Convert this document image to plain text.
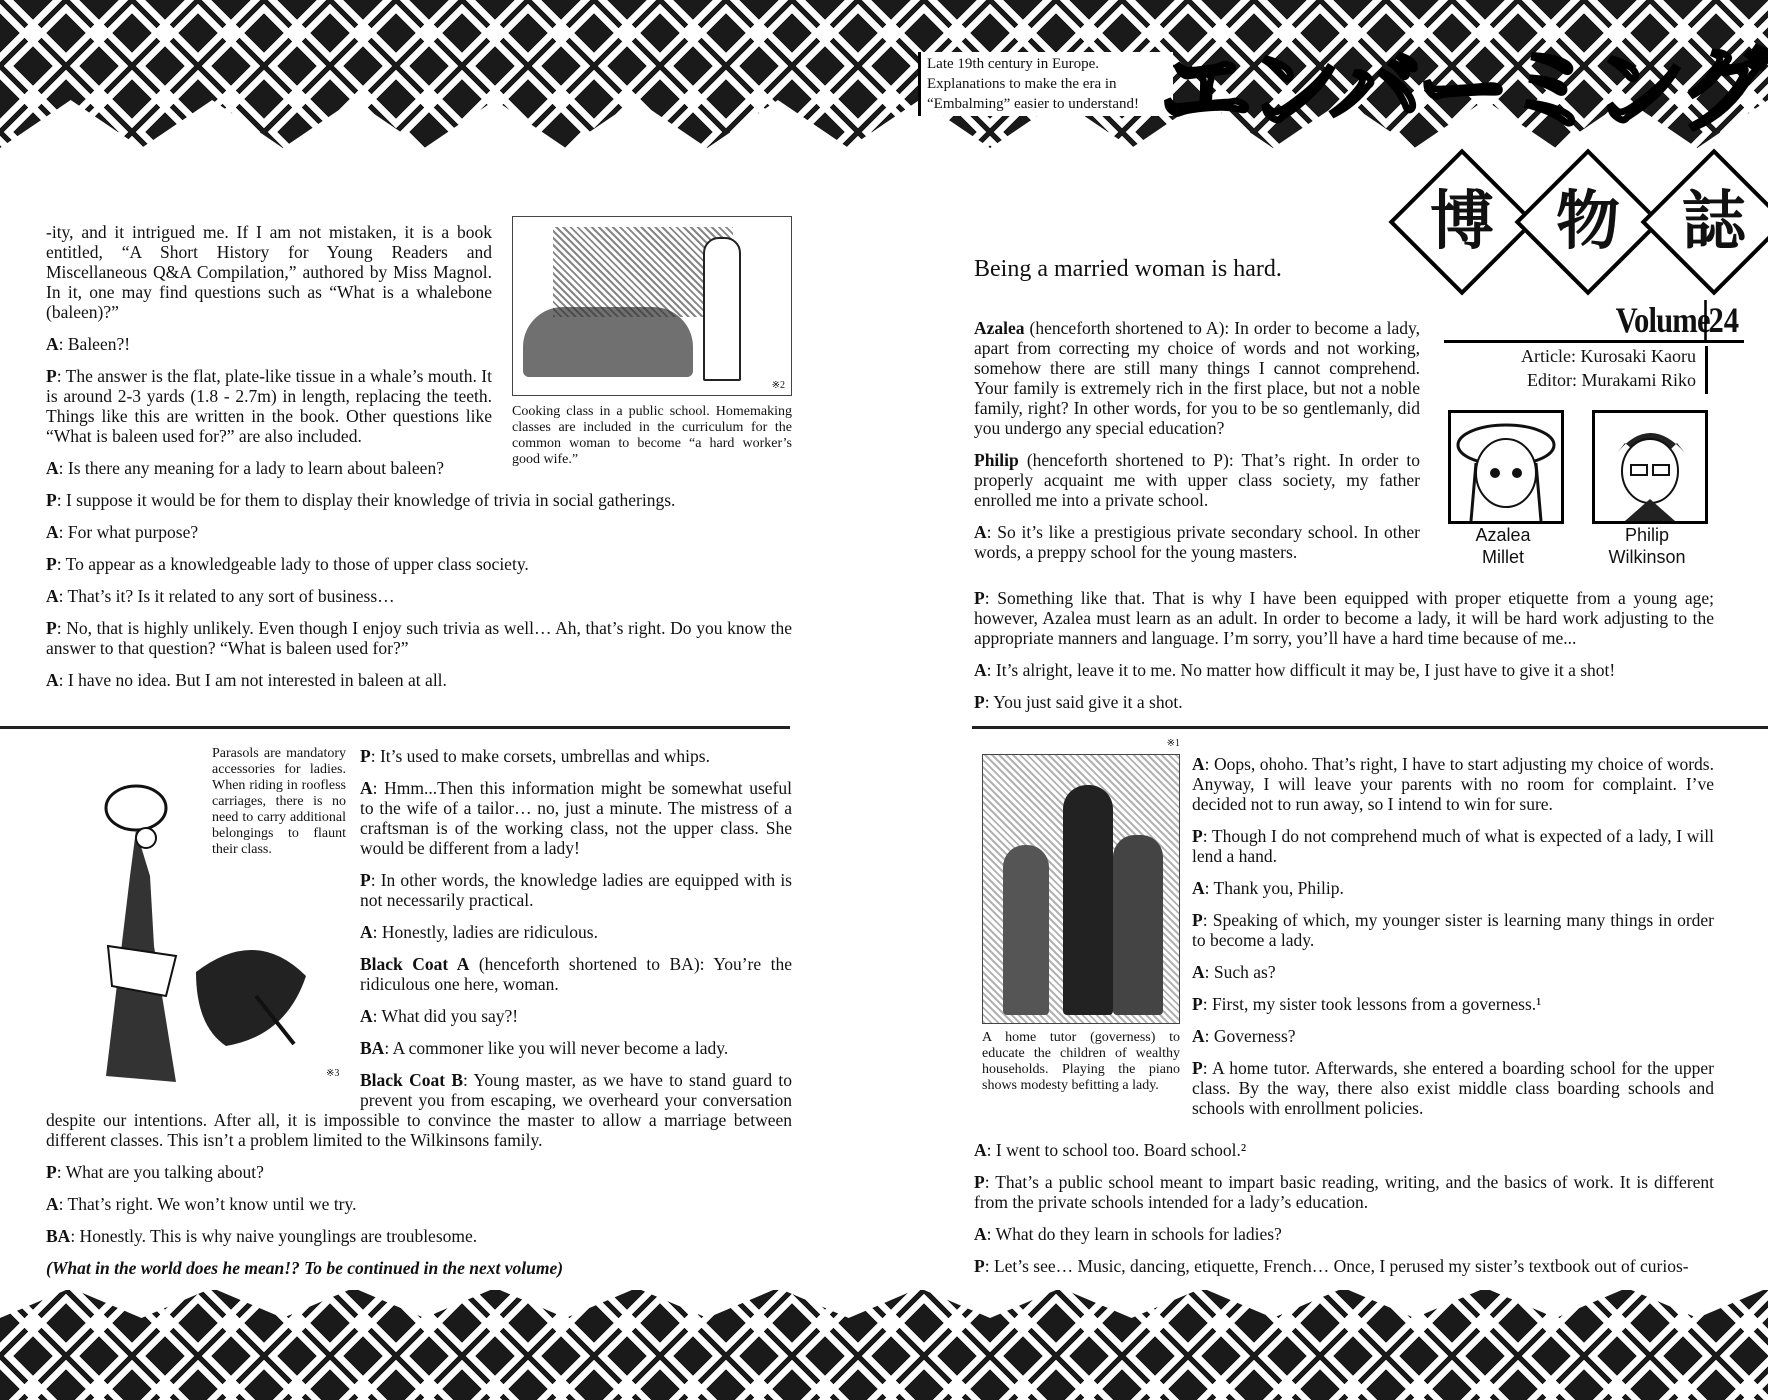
Late 19th century in Europe.
Explanations to make the era in
“Embalming” easier to understand! エンバーミング
博 物 誌
※2
Cooking class in a public school. Homemaking classes are included in the curriculum for the common woman to become “a hard worker’s good wife.”

-ity, and it intrigued me. If I am not mistaken, it is a book entitled, “A Short History for Young Readers and Miscellaneous Q&A Compilation,” authored by Miss Magnol. In it, one may find questions such as “What is a whalebone (baleen)?”

A: Baleen?!

P: The answer is the flat, plate-like tissue in a whale’s mouth. It is around 2-3 yards (1.8 - 2.7m) in length, replacing the teeth. Things like this are written in the book. Other questions like “What is baleen used for?” are also included.

A: Is there any meaning for a lady to learn about baleen?

P: I suppose it would be for them to display their knowledge of trivia in social gatherings.

A: For what purpose?

P: To appear as a knowledgeable lady to those of upper class society.

A: That’s it? Is it related to any sort of business…

P: No, that is highly unlikely. Even though I enjoy such trivia as well… Ah, that’s right. Do you know the answer to that question? “What is baleen used for?”

A: I have no idea. But I am not interested in baleen at all.

Parasols are mandatory accessories for ladies. When riding in roofless carriages, there is no need to carry additional belongings to flaunt their class.
※3

P: It’s used to make corsets, umbrellas and whips.

A: Hmm...Then this information might be somewhat useful to the wife of a tailor… no, just a minute. The mistress of a craftsman is of the working class, not the upper class. She would be different from a lady!

P: In other words, the knowledge ladies are equipped with is not necessarily practical.

A: Honestly, ladies are ridiculous.

Black Coat A (henceforth shortened to BA): You’re the ridiculous one here, woman.

A: What did you say?!

BA: A commoner like you will never become a lady.

Black Coat B: Young master, as we have to stand guard to prevent you from escaping, we overheard your conversation despite our intentions. After all, it is impossible to convince the master to allow a marriage between different classes. This isn’t a problem limited to the Wilkinsons family.

P: What are you talking about?

A: That’s right. We won’t know until we try.

BA: Honestly. This is why naive younglings are troublesome.

(What in the world does he mean!? To be continued in the next volume)

Being a married woman is hard.
Volume
24
Article: Kurosaki Kaoru
Editor: Murakami Riko
Azalea
Millet
Philip
Wilkinson

Azalea (henceforth shortened to A): In order to become a lady, apart from correcting my choice of words and not working, somehow there are still many things I cannot comprehend. Your family is extremely rich in the first place, but not a noble family, right? In other words, for you to be so gentlemanly, did you undergo any special education?

Philip (henceforth shortened to P): That’s right. In order to properly acquaint me with upper class society, my father enrolled me into a private school.

A: So it’s like a prestigious private secondary school. In other words, a preppy school for the young masters.

P: Something like that. That is why I have been equipped with proper etiquette from a young age; however, Azalea must learn as an adult. In order to become a lady, it will be hard work adjusting to the appropriate manners and language. I’m sorry, you’ll have a hard time because of me...

A: It’s alright, leave it to me. No matter how difficult it may be, I just have to give it a shot!

P: You just said give it a shot.

※1
A home tutor (governess) to educate the children of wealthy households. Playing the piano shows modesty befitting a lady.

A: Oops, ohoho. That’s right, I have to start adjusting my choice of words. Anyway, I will leave your parents with no room for complaint. I’ve decided not to run away, so I intend to win for sure.

P: Though I do not comprehend much of what is expected of a lady, I will lend a hand.

A: Thank you, Philip.

P: Speaking of which, my younger sister is learning many things in order to become a lady.

A: Such as?

P: First, my sister took lessons from a governess.¹

A: Governess?

P: A home tutor. Afterwards, she entered a boarding school for the upper class. By the way, there also exist middle class boarding schools and schools with enrollment policies.

A: I went to school too. Board school.²

P: That’s a public school meant to impart basic reading, writing, and the basics of work. It is different from the private schools intended for a lady’s education.

A: What do they learn in schools for ladies?

P: Let’s see… Music, dancing, etiquette, French… Once, I perused my sister’s textbook out of curios-
